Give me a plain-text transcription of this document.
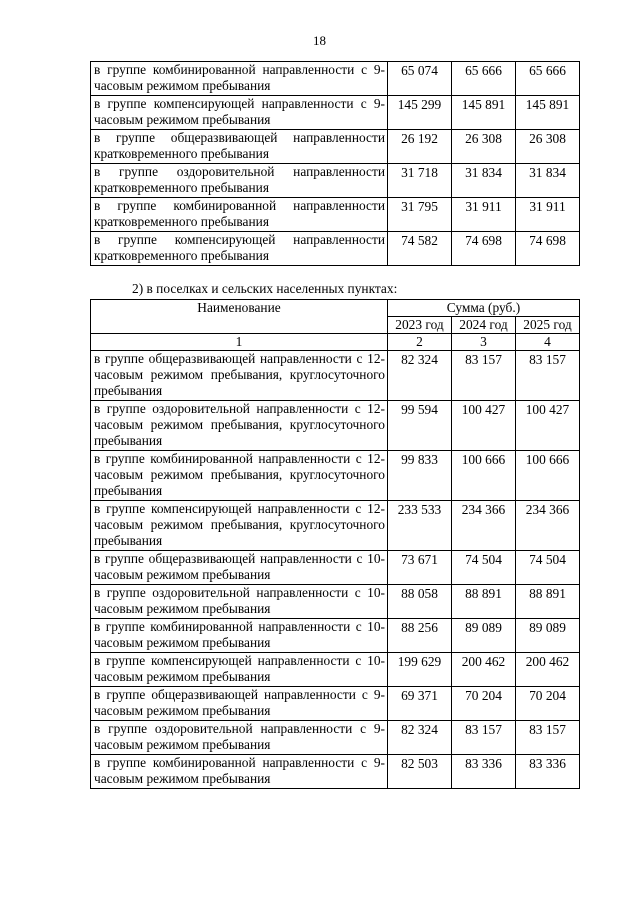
18
в группе комбинированной направленности с 9-часовым режимом пребывания	65 074	65 666	65 666
в группе компенсирующей направленности с 9-часовым режимом пребывания	145 299	145 891	145 891
в группе общеразвивающей направленности кратковременного пребывания	26 192	26 308	26 308
в группе оздоровительной направленности кратковременного пребывания	31 718	31 834	31 834
в группе комбинированной направленности кратковременного пребывания	31 795	31 911	31 911
в группе компенсирующей направленности кратковременного пребывания	74 582	74 698	74 698
2) в поселках и сельских населенных пунктах:
Наименование	Сумма (руб.)		
	2023 год	2024 год	2025 год
1	2	3	4
в группе общеразвивающей направленности с 12-часовым режимом пребывания, круглосуточного пребывания	82 324	83 157	83 157
в группе оздоровительной направленности с 12-часовым режимом пребывания, круглосуточного пребывания	99 594	100 427	100 427
в группе комбинированной направленности с 12-часовым режимом пребывания, круглосуточного пребывания	99 833	100 666	100 666
в группе компенсирующей направленности с 12-часовым режимом пребывания, круглосуточного пребывания	233 533	234 366	234 366
в группе общеразвивающей направленности с 10-часовым режимом пребывания	73 671	74 504	74 504
в группе оздоровительной направленности с 10-часовым режимом пребывания	88 058	88 891	88 891
в группе комбинированной направленности с 10-часовым режимом пребывания	88 256	89 089	89 089
в группе компенсирующей направленности с 10-часовым режимом пребывания	199 629	200 462	200 462
в группе общеразвивающей направленности с 9-часовым режимом пребывания	69 371	70 204	70 204
в группе оздоровительной направленности с 9-часовым режимом пребывания	82 324	83 157	83 157
в группе комбинированной направленности с 9-часовым режимом пребывания	82 503	83 336	83 336
